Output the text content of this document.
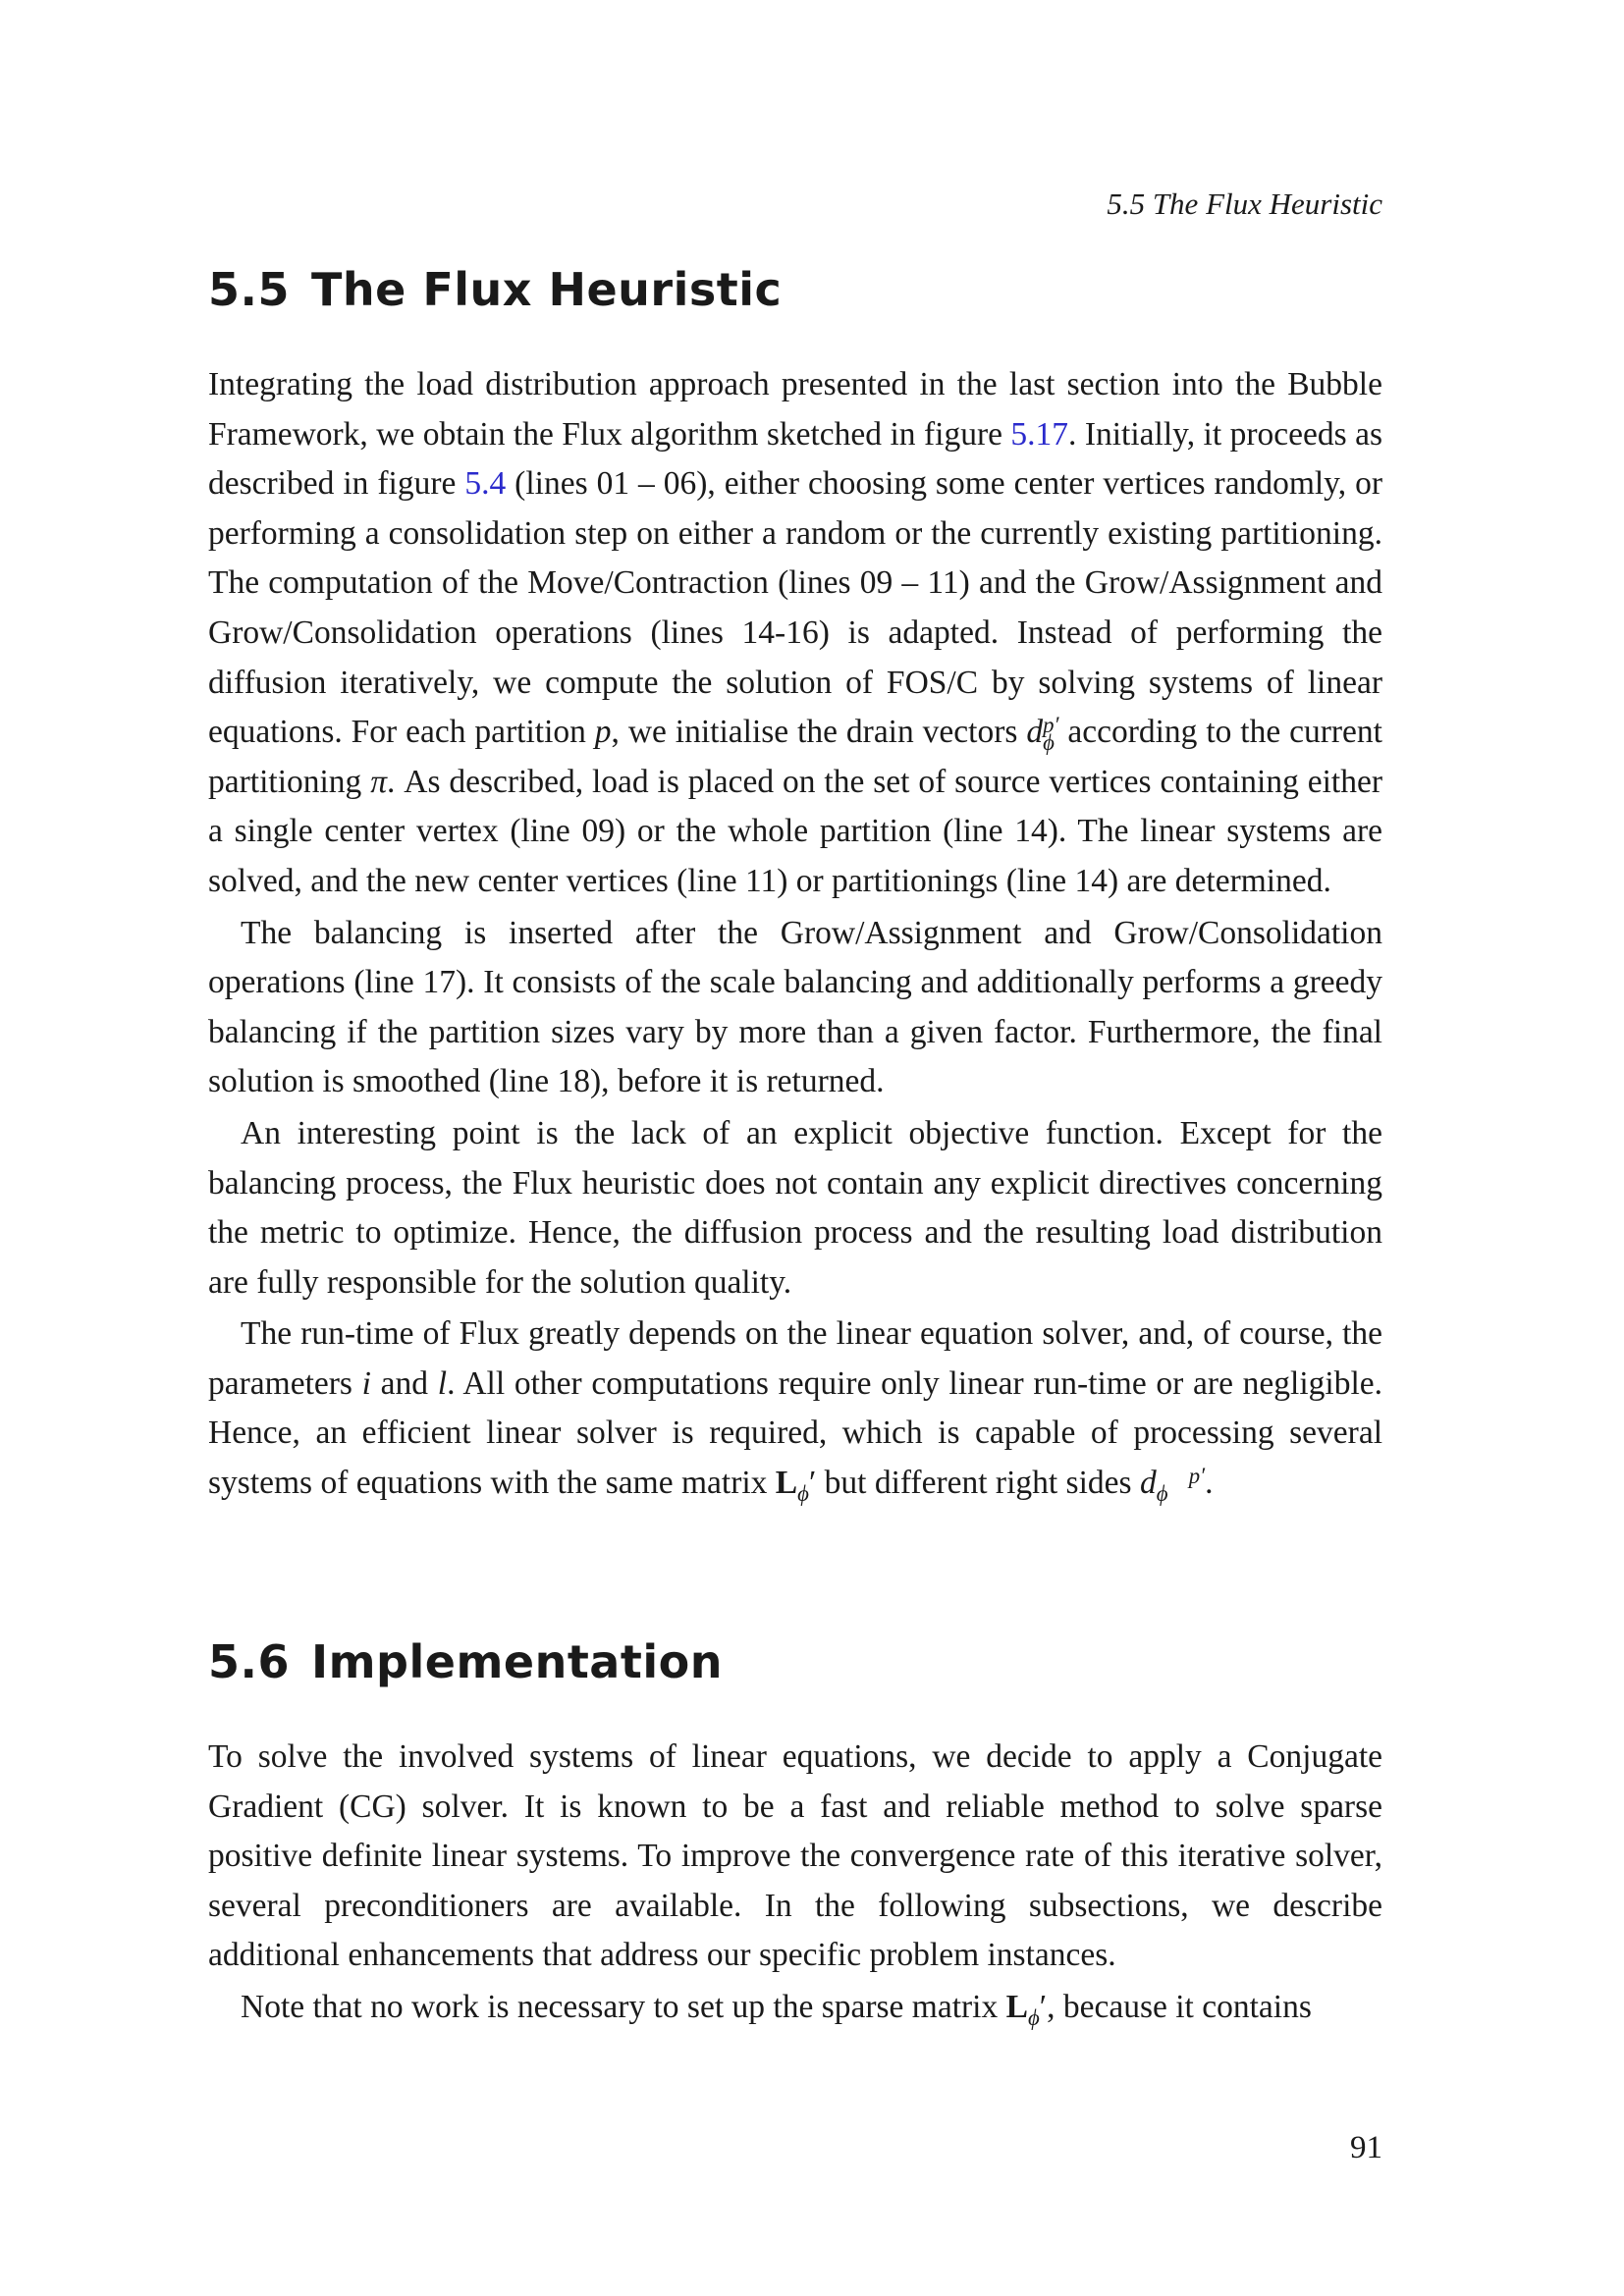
5.5 The Flux Heuristic
5.5 The Flux Heuristic

Integrating the load distribution approach presented in the last section into the Bubble Framework, we obtain the Flux algorithm sketched in figure 5.17. Initially, it proceeds as described in figure 5.4 (lines 01 – 06), either choosing some center vertices randomly, or performing a consolidation step on either a random or the currently existing partitioning. The computation of the Move/Contraction (lines 09 – 11) and the Grow/Assignment and Grow/Consolidation operations (lines 14-16) is adapted. Instead of performing the diffusion iteratively, we compute the solution of FOS/C by solving systems of linear equations. For each partition p, we initialise the drain vectors dp′
ϕ according to the current partitioning π. As described, load is placed on the set of source vertices containing either a single center vertex (line 09) or the whole partition (line 14). The linear systems are solved, and the new center vertices (line 11) or partitionings (line 14) are determined.

The balancing is inserted after the Grow/Assignment and Grow/Consolidation operations (line 17). It consists of the scale balancing and additionally performs a greedy balancing if the partition sizes vary by more than a given factor. Furthermore, the final solution is smoothed (line 18), before it is returned.

An interesting point is the lack of an explicit objective function. Except for the balancing process, the Flux heuristic does not contain any explicit directives concerning the metric to optimize. Hence, the diffusion process and the resulting load distribution are fully responsible for the solution quality.

The run-time of Flux greatly depends on the linear equation solver, and, of course, the parameters i and l. All other computations require only linear run-time or are negligible. Hence, an efficient linear solver is required, which is capable of processing several systems of equations with the same matrix $L_\phi'$ but different right sides d p′
ϕ .

5.6 Implementation

To solve the involved systems of linear equations, we decide to apply a Conjugate Gradient (CG) solver. It is known to be a fast and reliable method to solve sparse positive definite linear systems. To improve the convergence rate of this iterative solver, several preconditioners are available. In the following subsections, we describe additional enhancements that address our specific problem instances.

Note that no work is necessary to set up the sparse matrix $L_\phi'$, because it contains

91
